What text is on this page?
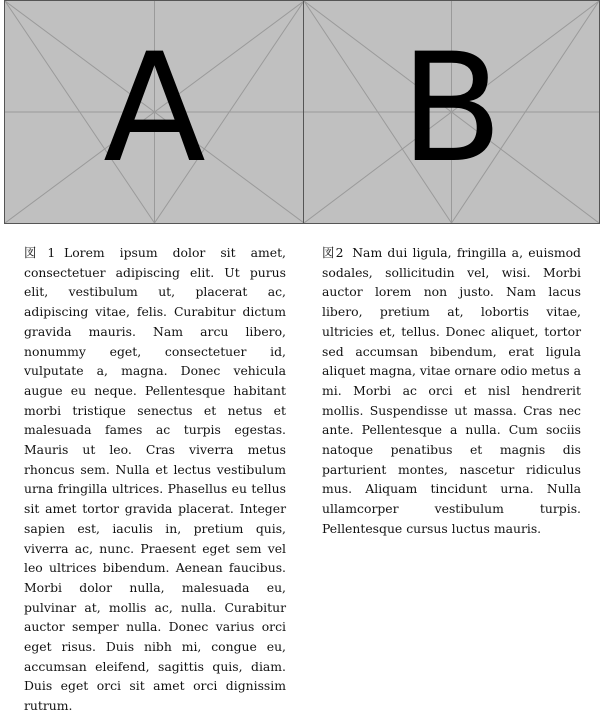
A	B
図1 Lorem ipsum dolor sit amet, consectetuer adipiscing elit. Ut purus elit, vestibulum ut, placerat ac, adipiscing vitae, felis. Curabitur dictum gravida mauris. Nam arcu libero, nonummy eget, consectetuer id, vulputate a, magna. Donec vehicula augue eu neque. Pellentesque habitant morbi tristique senectus et netus et malesuada fames ac turpis egestas. Mauris ut leo. Cras viverra metus rhoncus sem. Nulla et lectus vestibulum urna fringilla ultrices. Phasellus eu tellus sit amet tortor gravida placerat. Integer sapien est, iaculis in, pretium quis, viverra ac, nunc. Praesent eget sem vel leo ultrices bibendum. Aenean faucibus. Morbi dolor nulla, malesuada eu, pulvinar at, mollis ac, nulla. Curabitur auctor semper nulla. Donec varius orci eget risus. Duis nibh mi, congue eu, accumsan eleifend, sagittis quis, diam. Duis eget orci sit amet orci dignissim rutrum.
図2 Nam dui ligula, fringilla a, euismod sodales, sollicitudin vel, wisi. Morbi auctor lorem non justo. Nam lacus libero, pretium at, lobortis vitae, ultricies et, tellus. Donec aliquet, tortor sed accumsan bibendum, erat ligula aliquet magna, vitae ornare odio metus a mi. Morbi ac orci et nisl hendrerit mollis. Suspendisse ut massa. Cras nec ante. Pellentesque a nulla. Cum sociis natoque penatibus et magnis dis parturient montes, nascetur ridiculus mus. Aliquam tincidunt urna. Nulla ullamcorper vestibulum turpis. Pellentesque cursus luctus mauris.
